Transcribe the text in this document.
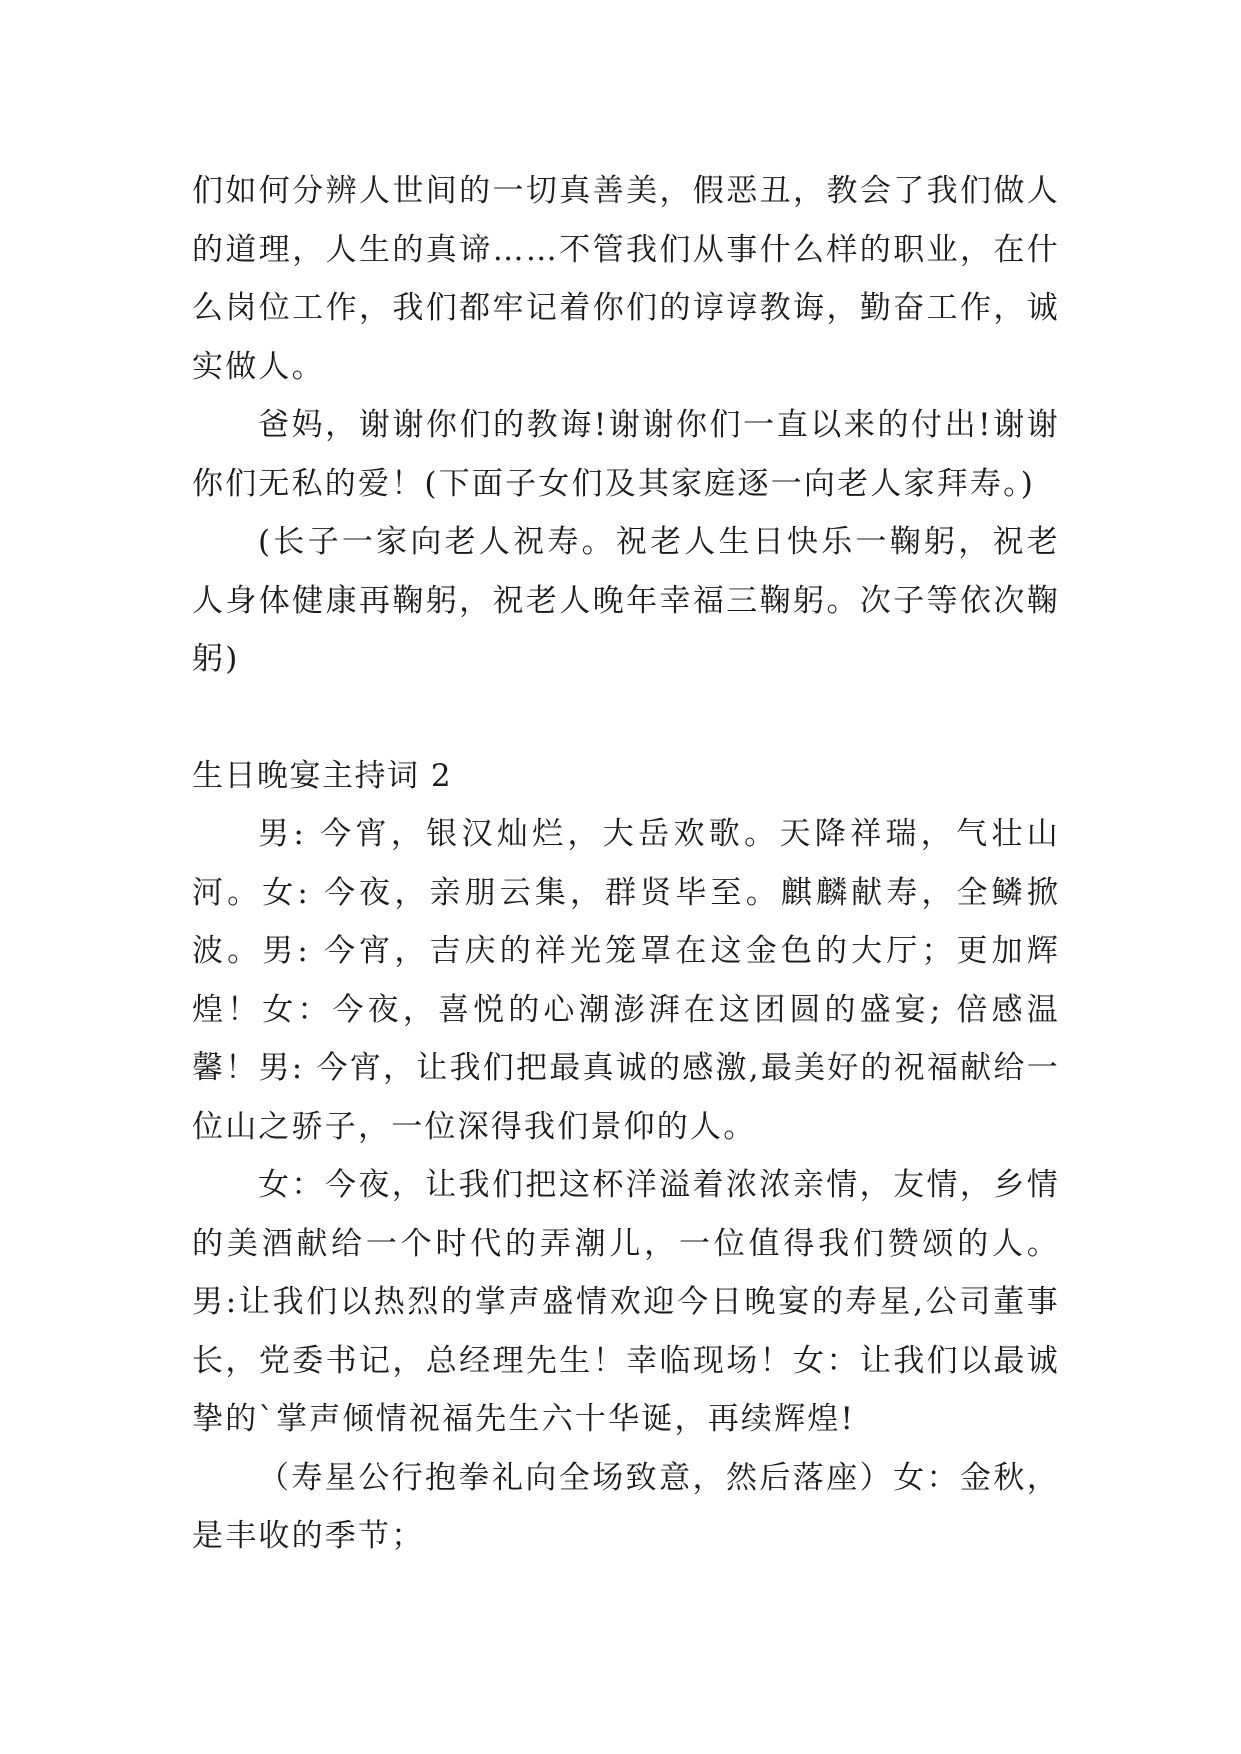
们如何分辨人世间的一切真善美，假恶丑，教会了我们做人的道理，人生的真谛……不管我们从事什么样的职业，在什么岗位工作，我们都牢记着你们的谆谆教诲，勤奋工作，诚实做人。

爸妈，谢谢你们的教诲!谢谢你们一直以来的付出!谢谢你们无私的爱！(下面子女们及其家庭逐一向老人家拜寿。)

(长子一家向老人祝寿。祝老人生日快乐一鞠躬，祝老人身体健康再鞠躬，祝老人晚年幸福三鞠躬。次子等依次鞠躬)

生日晚宴主持词 2

男: 今宵，银汉灿烂，大岳欢歌。天降祥瑞，气壮山河。女: 今夜，亲朋云集，群贤毕至。麒麟献寿，全鳞掀波。男: 今宵，吉庆的祥光笼罩在这金色的大厅；更加辉煌！女：今夜，喜悦的心潮澎湃在这团圆的盛宴; 倍感温馨！男: 今宵，让我们把最真诚的感激,最美好的祝福献给一位山之骄子，一位深得我们景仰的人。

女：今夜，让我们把这杯洋溢着浓浓亲情，友情，乡情的美酒献给一个时代的弄潮儿，一位值得我们赞颂的人。男:让我们以热烈的掌声盛情欢迎今日晚宴的寿星,公司董事长，党委书记，总经理先生！幸临现场！女：让我们以最诚挚的`掌声倾情祝福先生六十华诞，再续辉煌!

（寿星公行抱拳礼向全场致意，然后落座）女：金秋，是丰收的季节；
